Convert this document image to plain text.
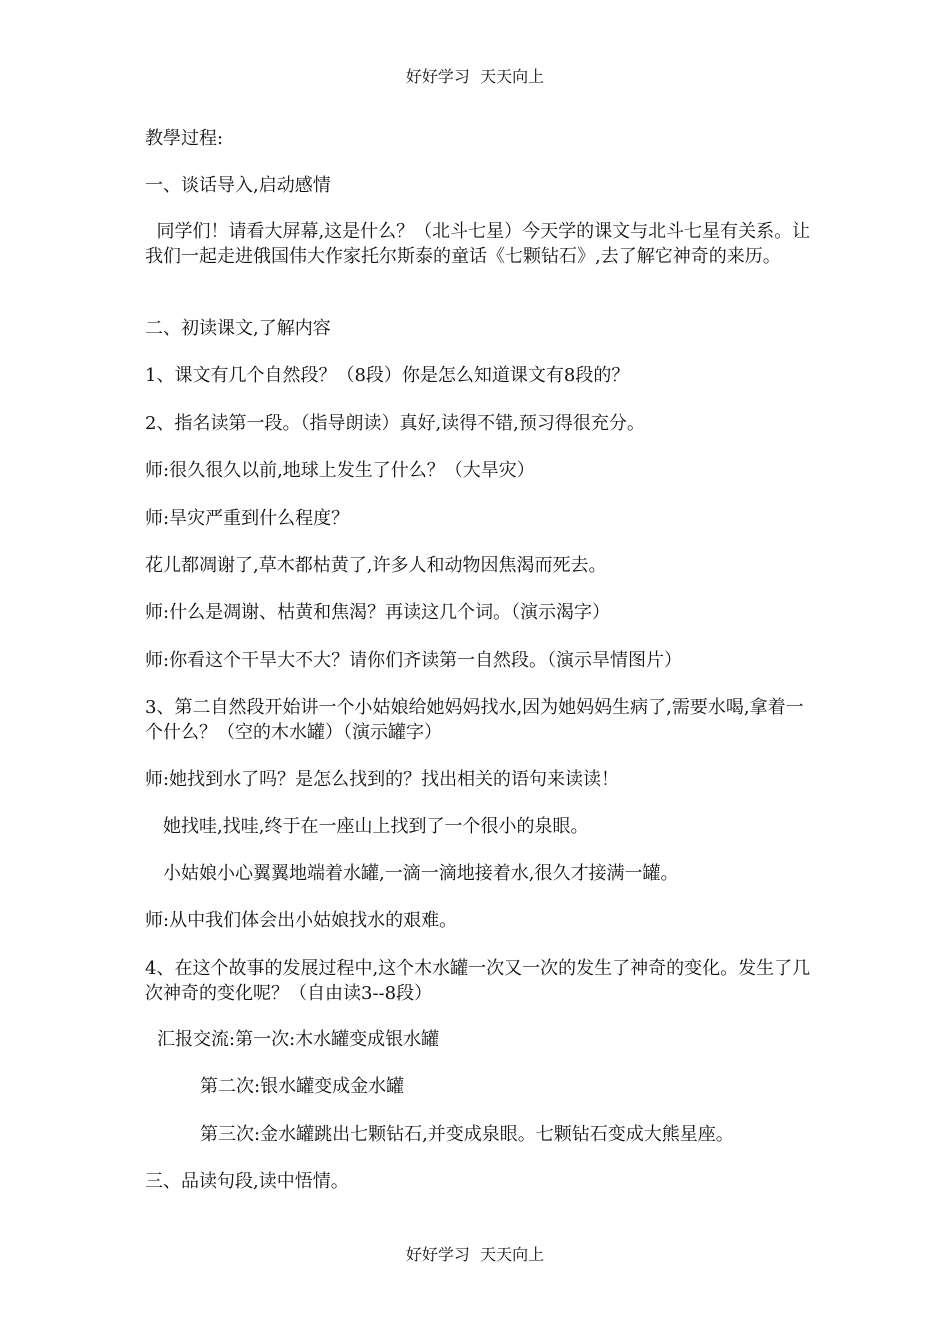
好好学习  天天向上
教學过程:
一、谈话导入,启动感情
同学们！请看大屏幕,这是什么？（北斗七星）今天学的课文与北斗七星有关系。让我们一起走进俄国伟大作家托尔斯泰的童话《七颗钻石》,去了解它神奇的来历。
二、初读课文,了解内容
1、课文有几个自然段？（8段）你是怎么知道课文有8段的？
2、指名读第一段。（指导朗读）真好,读得不错,预习得很充分。
师:很久很久以前,地球上发生了什么？（大旱灾）
师:旱灾严重到什么程度？
花儿都凋谢了,草木都枯黄了,许多人和动物因焦渴而死去。
师:什么是凋谢、枯黄和焦渴？再读这几个词。（演示渴字）
师:你看这个干旱大不大？请你们齐读第一自然段。（演示旱情图片）
3、第二自然段开始讲一个小姑娘给她妈妈找水,因为她妈妈生病了,需要水喝,拿着一个什么？（空的木水罐）（演示罐字）
师:她找到水了吗？是怎么找到的？找出相关的语句来读读！
她找哇,找哇,终于在一座山上找到了一个很小的泉眼。
小姑娘小心翼翼地端着水罐,一滴一滴地接着水,很久才接满一罐。
师:从中我们体会出小姑娘找水的艰难。
4、在这个故事的发展过程中,这个木水罐一次又一次的发生了神奇的变化。发生了几次神奇的变化呢？（自由读3--8段）
汇报交流:第一次:木水罐变成银水罐
第二次:银水罐变成金水罐
第三次:金水罐跳出七颗钻石,并变成泉眼。七颗钻石变成大熊星座。
三、品读句段,读中悟情。
好好学习  天天向上
